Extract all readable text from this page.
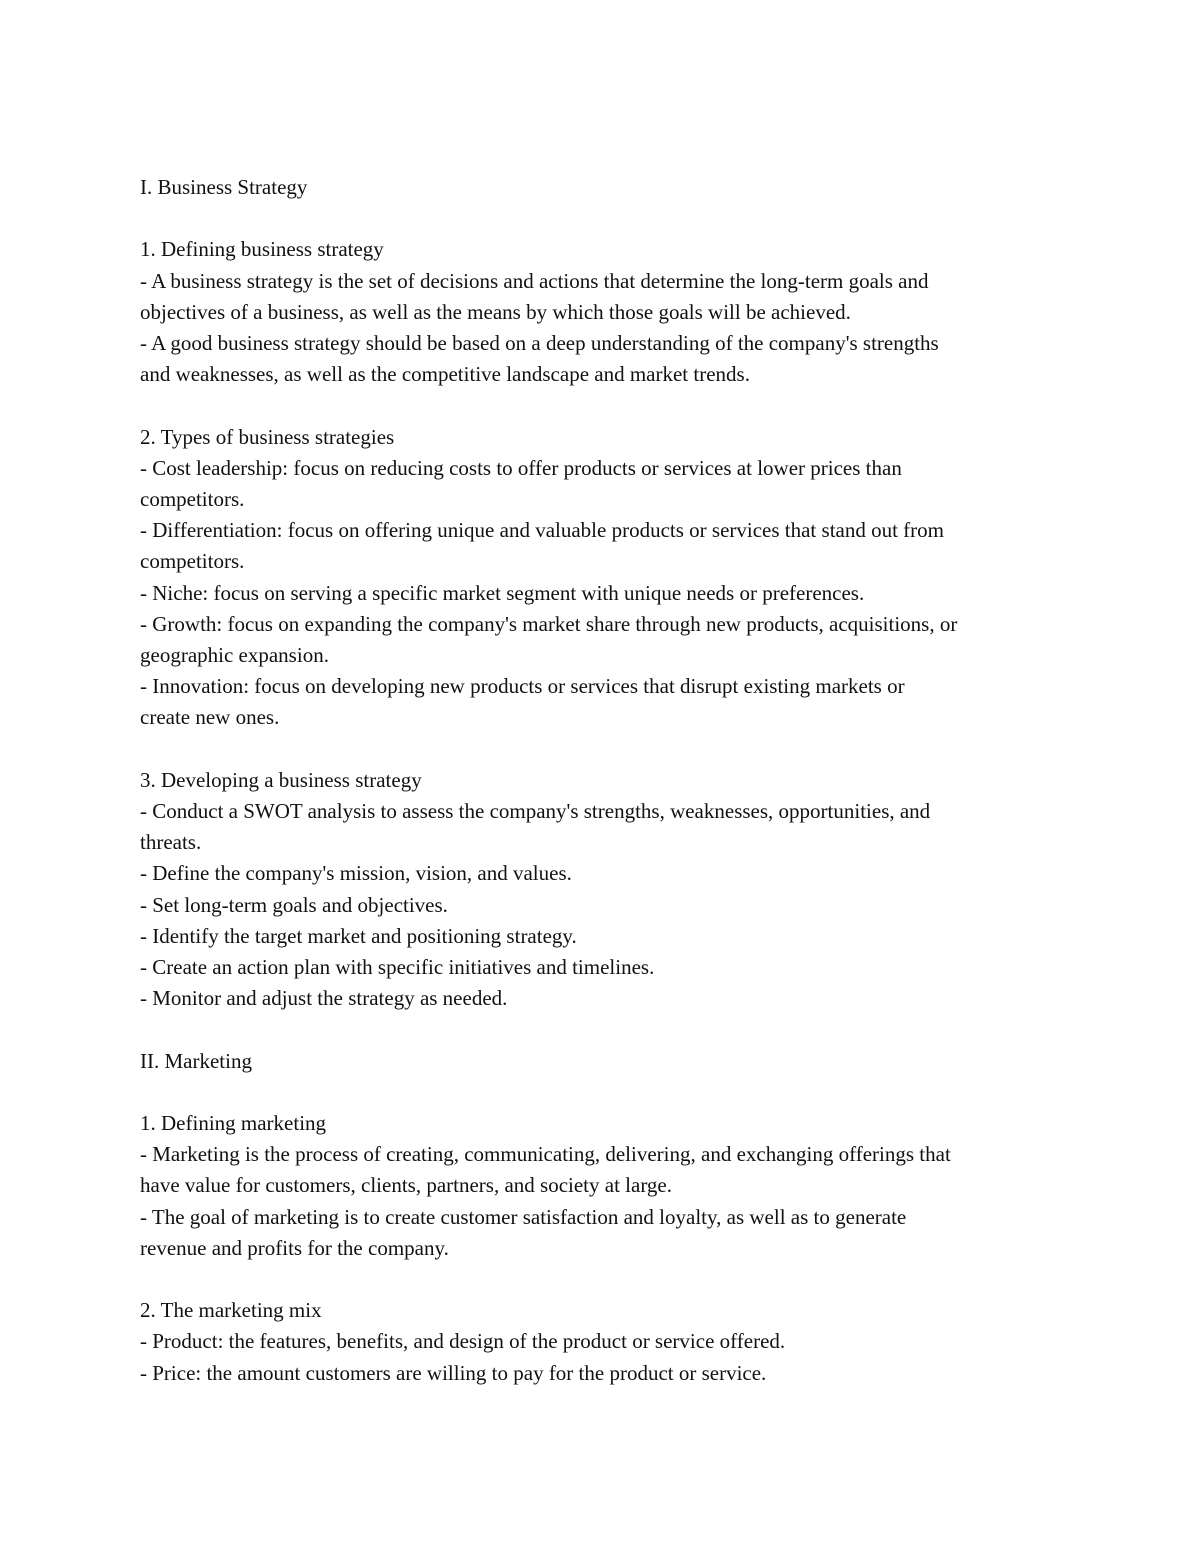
I. Business Strategy

1. Defining business strategy

- A business strategy is the set of decisions and actions that determine the long-term goals and

objectives of a business, as well as the means by which those goals will be achieved.

- A good business strategy should be based on a deep understanding of the company's strengths

and weaknesses, as well as the competitive landscape and market trends.

2. Types of business strategies

- Cost leadership: focus on reducing costs to offer products or services at lower prices than

competitors.

- Differentiation: focus on offering unique and valuable products or services that stand out from

competitors.

- Niche: focus on serving a specific market segment with unique needs or preferences.

- Growth: focus on expanding the company's market share through new products, acquisitions, or

geographic expansion.

- Innovation: focus on developing new products or services that disrupt existing markets or

create new ones.

3. Developing a business strategy

- Conduct a SWOT analysis to assess the company's strengths, weaknesses, opportunities, and

threats.

- Define the company's mission, vision, and values.

- Set long-term goals and objectives.

- Identify the target market and positioning strategy.

- Create an action plan with specific initiatives and timelines.

- Monitor and adjust the strategy as needed.

II. Marketing

1. Defining marketing

- Marketing is the process of creating, communicating, delivering, and exchanging offerings that

have value for customers, clients, partners, and society at large.

- The goal of marketing is to create customer satisfaction and loyalty, as well as to generate

revenue and profits for the company.

2. The marketing mix

- Product: the features, benefits, and design of the product or service offered.

- Price: the amount customers are willing to pay for the product or service.
